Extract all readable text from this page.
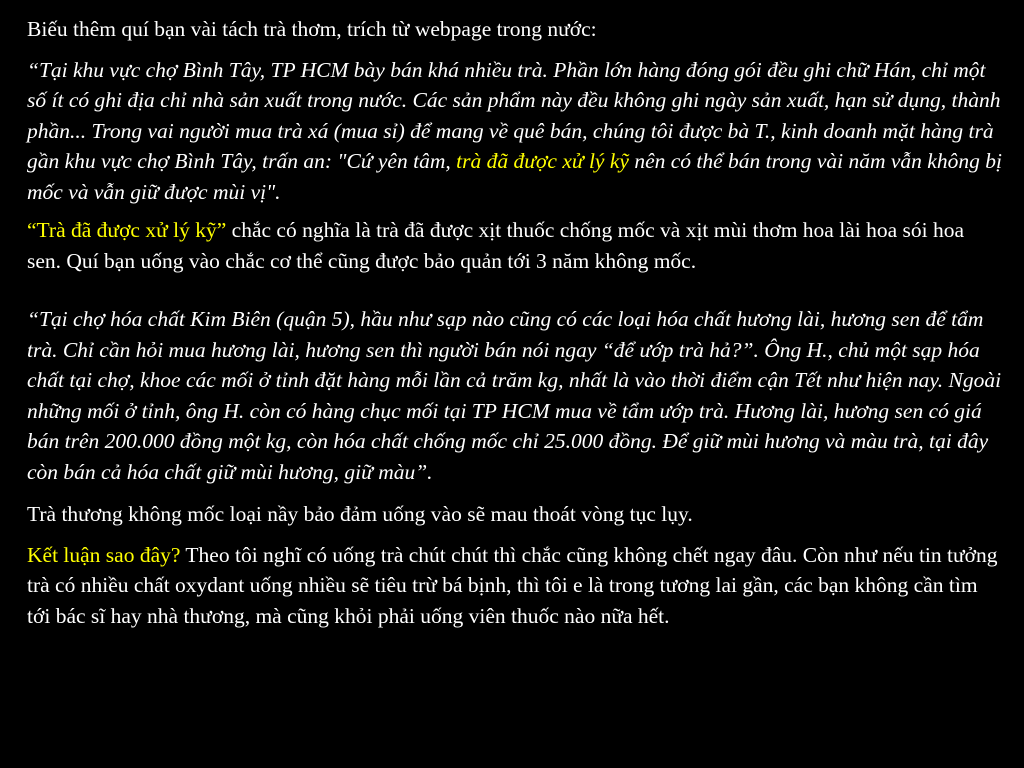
Biếu thêm quí bạn vài tách trà thơm, trích từ webpage trong nước:

“Tại khu vực chợ Bình Tây, TP HCM bày bán khá nhiều trà. Phần lớn hàng đóng gói đều ghi chữ Hán, chỉ một số ít có ghi địa chỉ nhà sản xuất trong nước. Các sản phẩm này đều không ghi ngày sản xuất, hạn sử dụng, thành phần... Trong vai người mua trà xá (mua sỉ) để mang về quê bán, chúng tôi được bà T., kinh doanh mặt hàng trà gần khu vực chợ Bình Tây, trấn an: "Cứ yên tâm, trà đã được xử lý kỹ nên có thể bán trong vài năm vẫn không bị mốc và vẫn giữ được mùi vị".

“Trà đã được xử lý kỹ” chắc có nghĩa là trà đã được xịt thuốc chống mốc và xịt mùi thơm hoa lài hoa sói hoa sen. Quí bạn uống vào chắc cơ thể cũng được bảo quản tới 3 năm không mốc.

“Tại chợ hóa chất Kim Biên (quận 5), hầu như sạp nào cũng có các loại hóa chất hương lài, hương sen để tẩm trà. Chỉ cần hỏi mua hương lài, hương sen thì người bán nói ngay “để ướp trà hả?”. Ông H., chủ một sạp hóa chất tại chợ, khoe các mối ở tỉnh đặt hàng mỗi lần cả trăm kg, nhất là vào thời điểm cận Tết như hiện nay. Ngoài những mối ở tỉnh, ông H. còn có hàng chục mối tại TP HCM mua về tẩm ướp trà. Hương lài, hương sen có giá bán trên 200.000 đồng một kg, còn hóa chất chống mốc chỉ 25.000 đồng. Để giữ mùi hương và màu trà, tại đây còn bán cả hóa chất giữ mùi hương, giữ màu”.

Trà thương không mốc loại nầy bảo đảm uống vào sẽ mau thoát vòng tục lụy.

Kết luận sao đây? Theo tôi nghĩ có uống trà chút chút thì chắc cũng không chết ngay đâu. Còn như nếu tin tưởng trà có nhiều chất oxydant uống nhiều sẽ tiêu trừ bá bịnh, thì tôi e là trong tương lai gần, các bạn không cần tìm tới bác sĩ hay nhà thương, mà cũng khỏi phải uống viên thuốc nào nữa hết.
